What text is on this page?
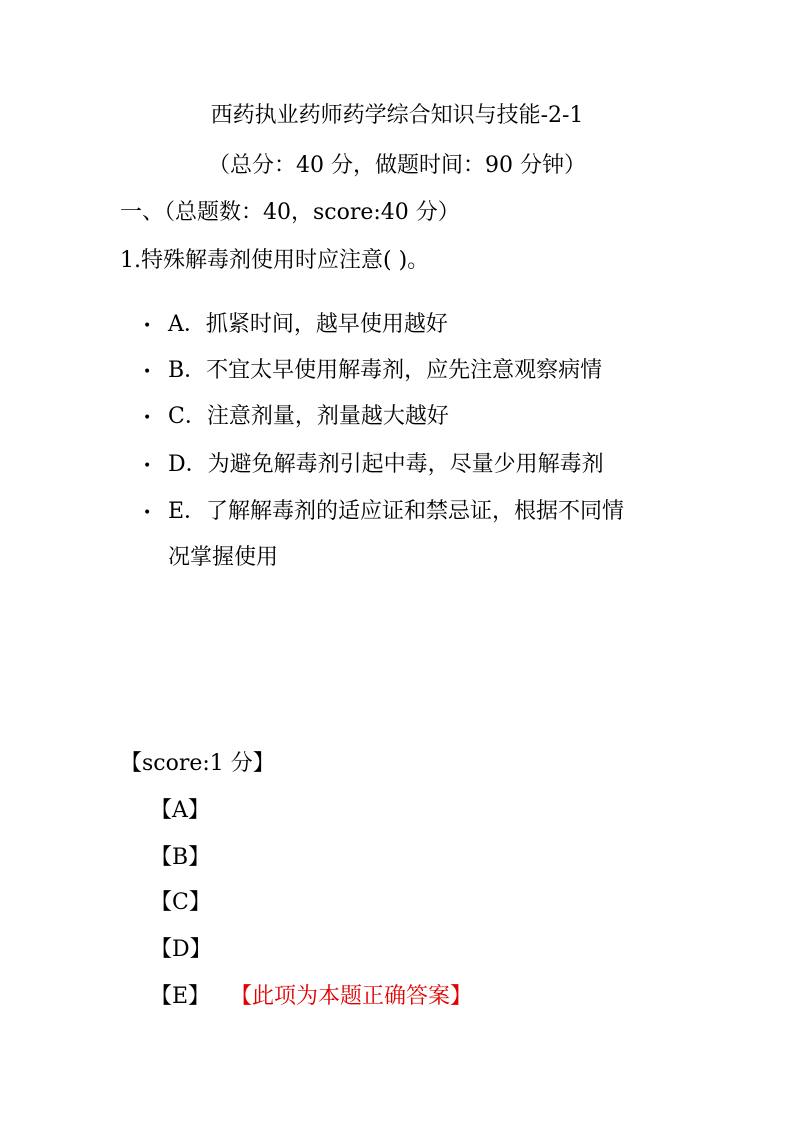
西药执业药师药学综合知识与技能-2-1
（总分：40 分，做题时间：90 分钟）
一、（总题数：40，score:40 分）
1.特殊解毒剂使用时应注意( )。
• A．抓紧时间，越早使用越好
• B．不宜太早使用解毒剂，应先注意观察病情
• C．注意剂量，剂量越大越好
• D．为避免解毒剂引起中毒，尽量少用解毒剂
• E．了解解毒剂的适应证和禁忌证，根据不同情
况掌握使用
【score:1 分】
【A】
【B】
【C】
【D】
【E】 【此项为本题正确答案】
